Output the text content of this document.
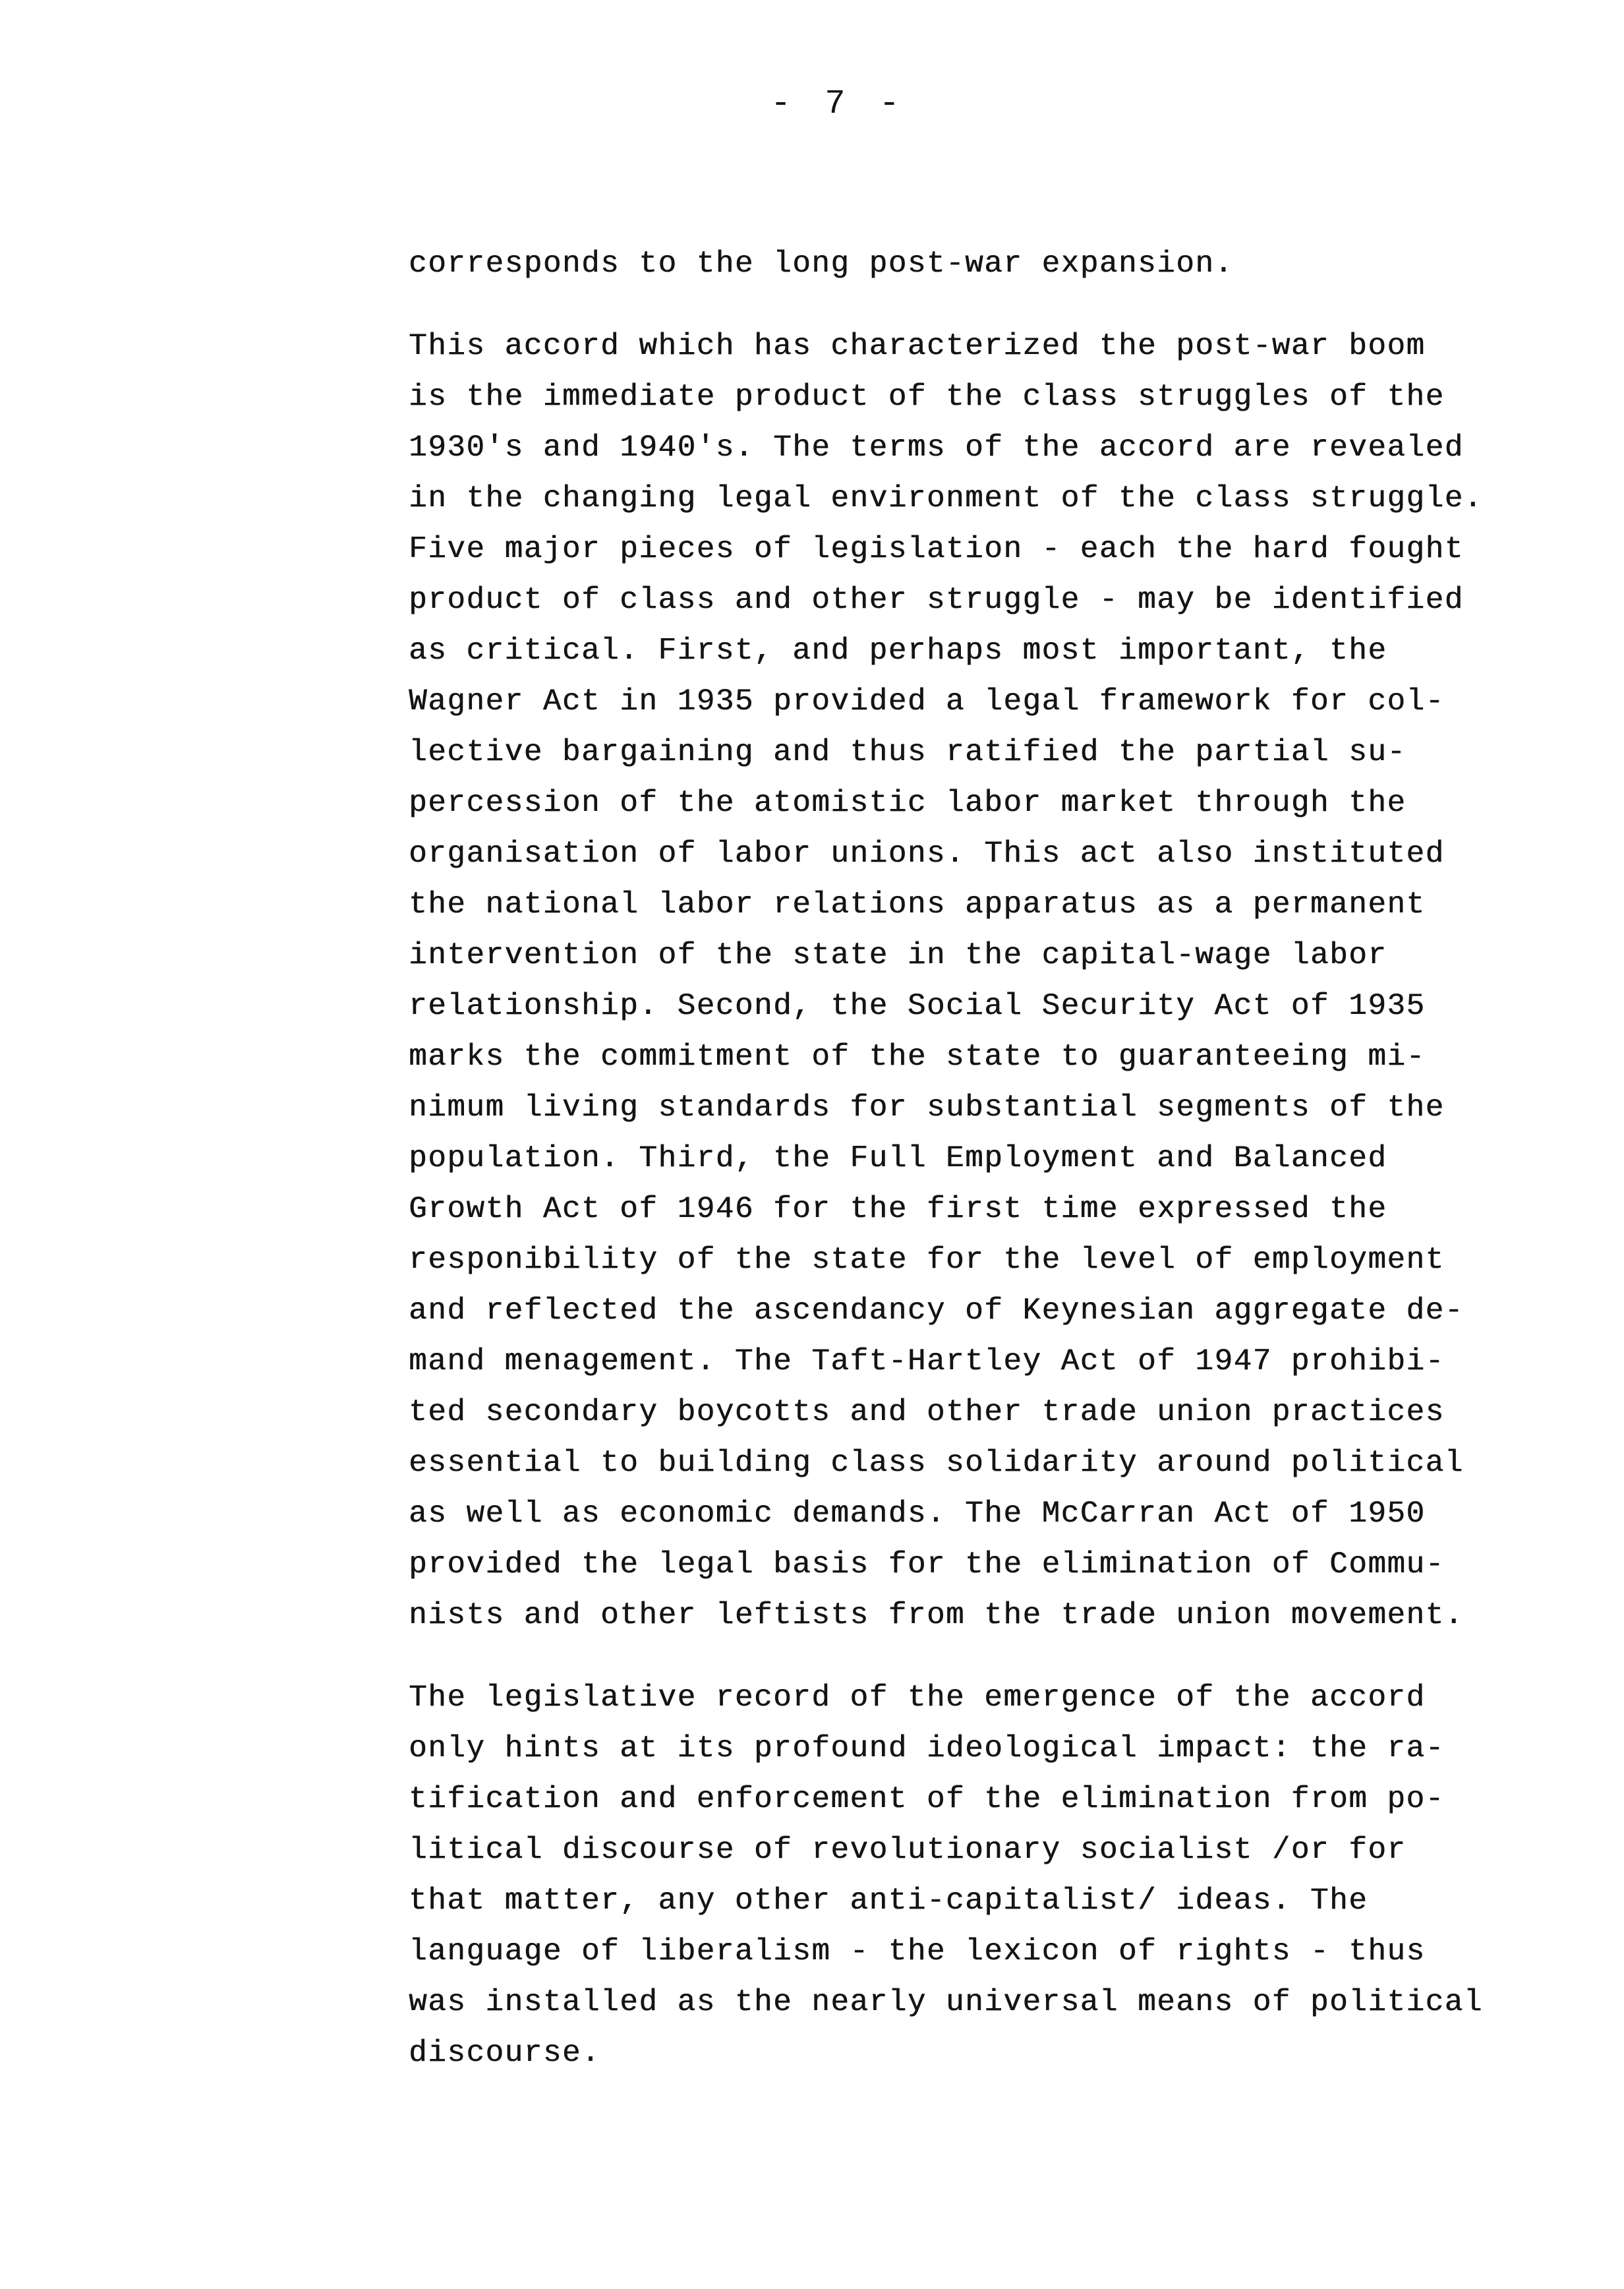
- 7 -
corresponds to the long post-war expansion.
This accord which has characterized the post-war boom
is the immediate product of the class struggles of the
1930's and 1940's. The terms of the accord are revealed
in the changing legal environment of the class struggle.
Five major pieces of legislation - each the hard fought
product of class and other struggle - may be identified
as critical. First, and perhaps most important, the
Wagner Act in 1935 provided a legal framework for col-
lective bargaining and thus ratified the partial su-
percession of the atomistic labor market through the
organisation of labor unions. This act also instituted
the national labor relations apparatus as a permanent
intervention of the state in the capital-wage labor
relationship. Second, the Social Security Act of 1935
marks the commitment of the state to guaranteeing mi-
nimum living standards for substantial segments of the
population. Third, the Full Employment and Balanced
Growth Act of 1946 for the first time expressed the
responibility of the state for the level of employment
and reflected the ascendancy of Keynesian aggregate de-
mand menagement. The Taft-Hartley Act of 1947 prohibi-
ted secondary boycotts and other trade union practices
essential to building class solidarity around political
as well as economic demands. The McCarran Act of 1950
provided the legal basis for the elimination of Commu-
nists and other leftists from the trade union movement.
The legislative record of the emergence of the accord
only hints at its profound ideological impact: the ra-
tification and enforcement of the elimination from po-
litical discourse of revolutionary socialist /or for
that matter, any other anti-capitalist/ ideas. The
language of liberalism - the lexicon of rights - thus
was installed as the nearly universal means of political
discourse.
